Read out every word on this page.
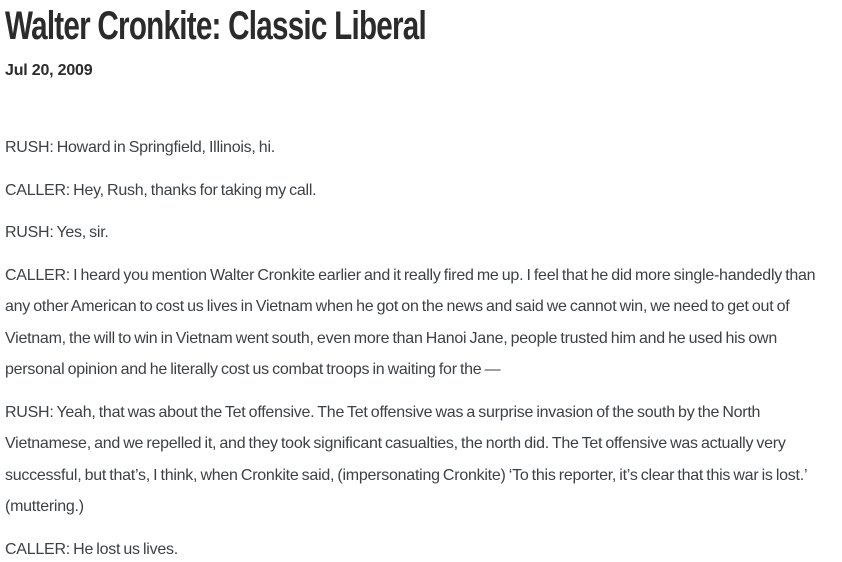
Walter Cronkite: Classic Liberal

Jul 20, 2009

RUSH: Howard in Springfield, Illinois, hi.

CALLER: Hey, Rush, thanks for taking my call.

RUSH: Yes, sir.

CALLER: I heard you mention Walter Cronkite earlier and it really fired me up. I feel that he did more single-handedly than any other American to cost us lives in Vietnam when he got on the news and said we cannot win, we need to get out of Vietnam, the will to win in Vietnam went south, even more than Hanoi Jane, people trusted him and he used his own personal opinion and he literally cost us combat troops in waiting for the —

RUSH: Yeah, that was about the Tet offensive. The Tet offensive was a surprise invasion of the south by the North Vietnamese, and we repelled it, and they took significant casualties, the north did. The Tet offensive was actually very successful, but that’s, I think, when Cronkite said, (impersonating Cronkite) ‘To this reporter, it’s clear that this war is lost.’ (muttering.)

CALLER: He lost us lives.
